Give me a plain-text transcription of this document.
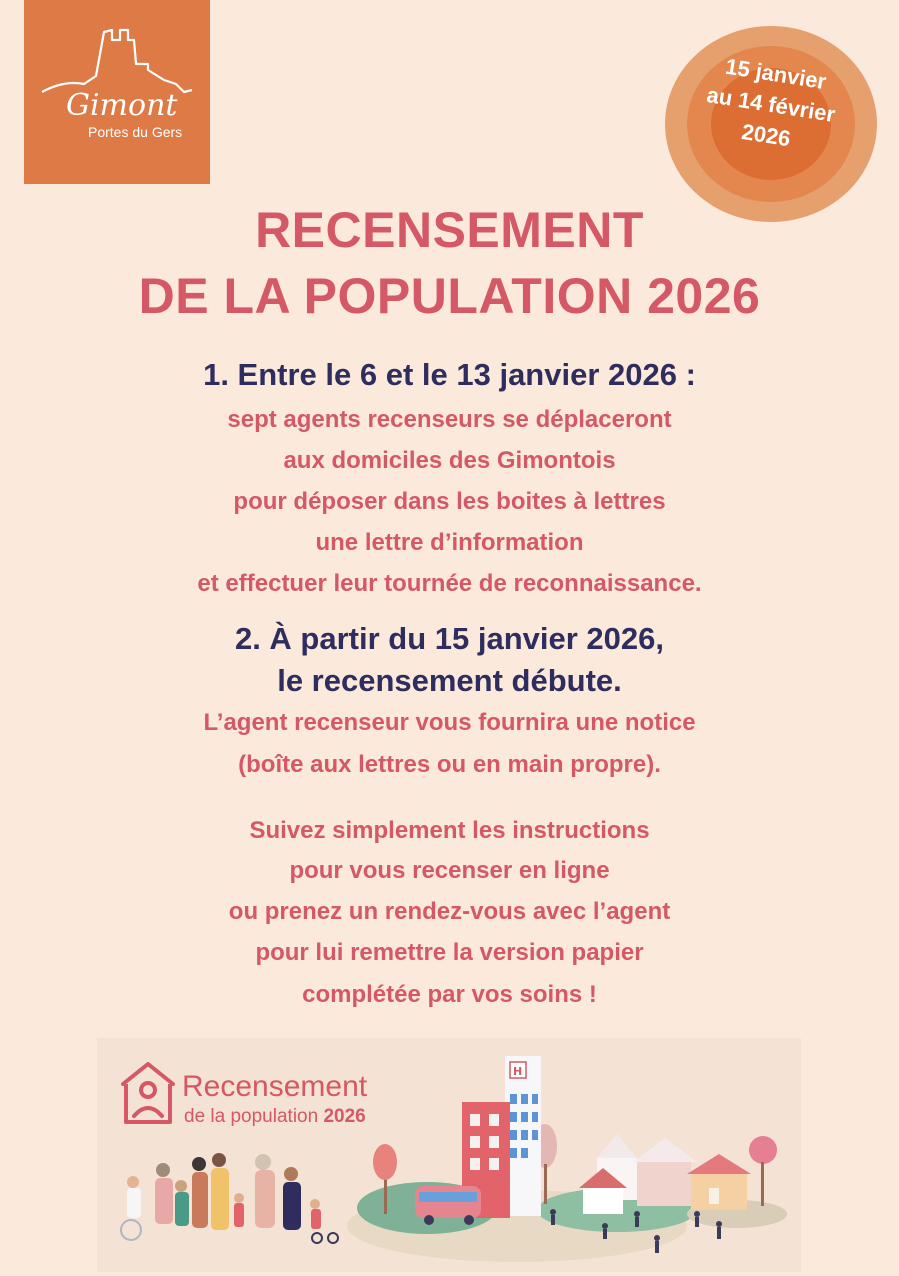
Gimont
Portes du Gers
15 janvier
au 14 février
2026
RECENSEMENT
DE LA POPULATION 2026
1. Entre le 6 et le 13 janvier 2026 :
sept agents recenseurs se déplaceront
aux domiciles des Gimontois
pour déposer dans les boites à lettres
une lettre d’information
et effectuer leur tournée de reconnaissance.
2. À partir du 15 janvier 2026,
le recensement débute.
L’agent recenseur vous fournira une notice
(boîte aux lettres ou en main propre).
Suivez simplement les instructions
pour vous recenser en ligne
ou prenez un rendez-vous avec l’agent
pour lui remettre la version papier
complétée par vos soins !
H
Recensement
de la population 2026
